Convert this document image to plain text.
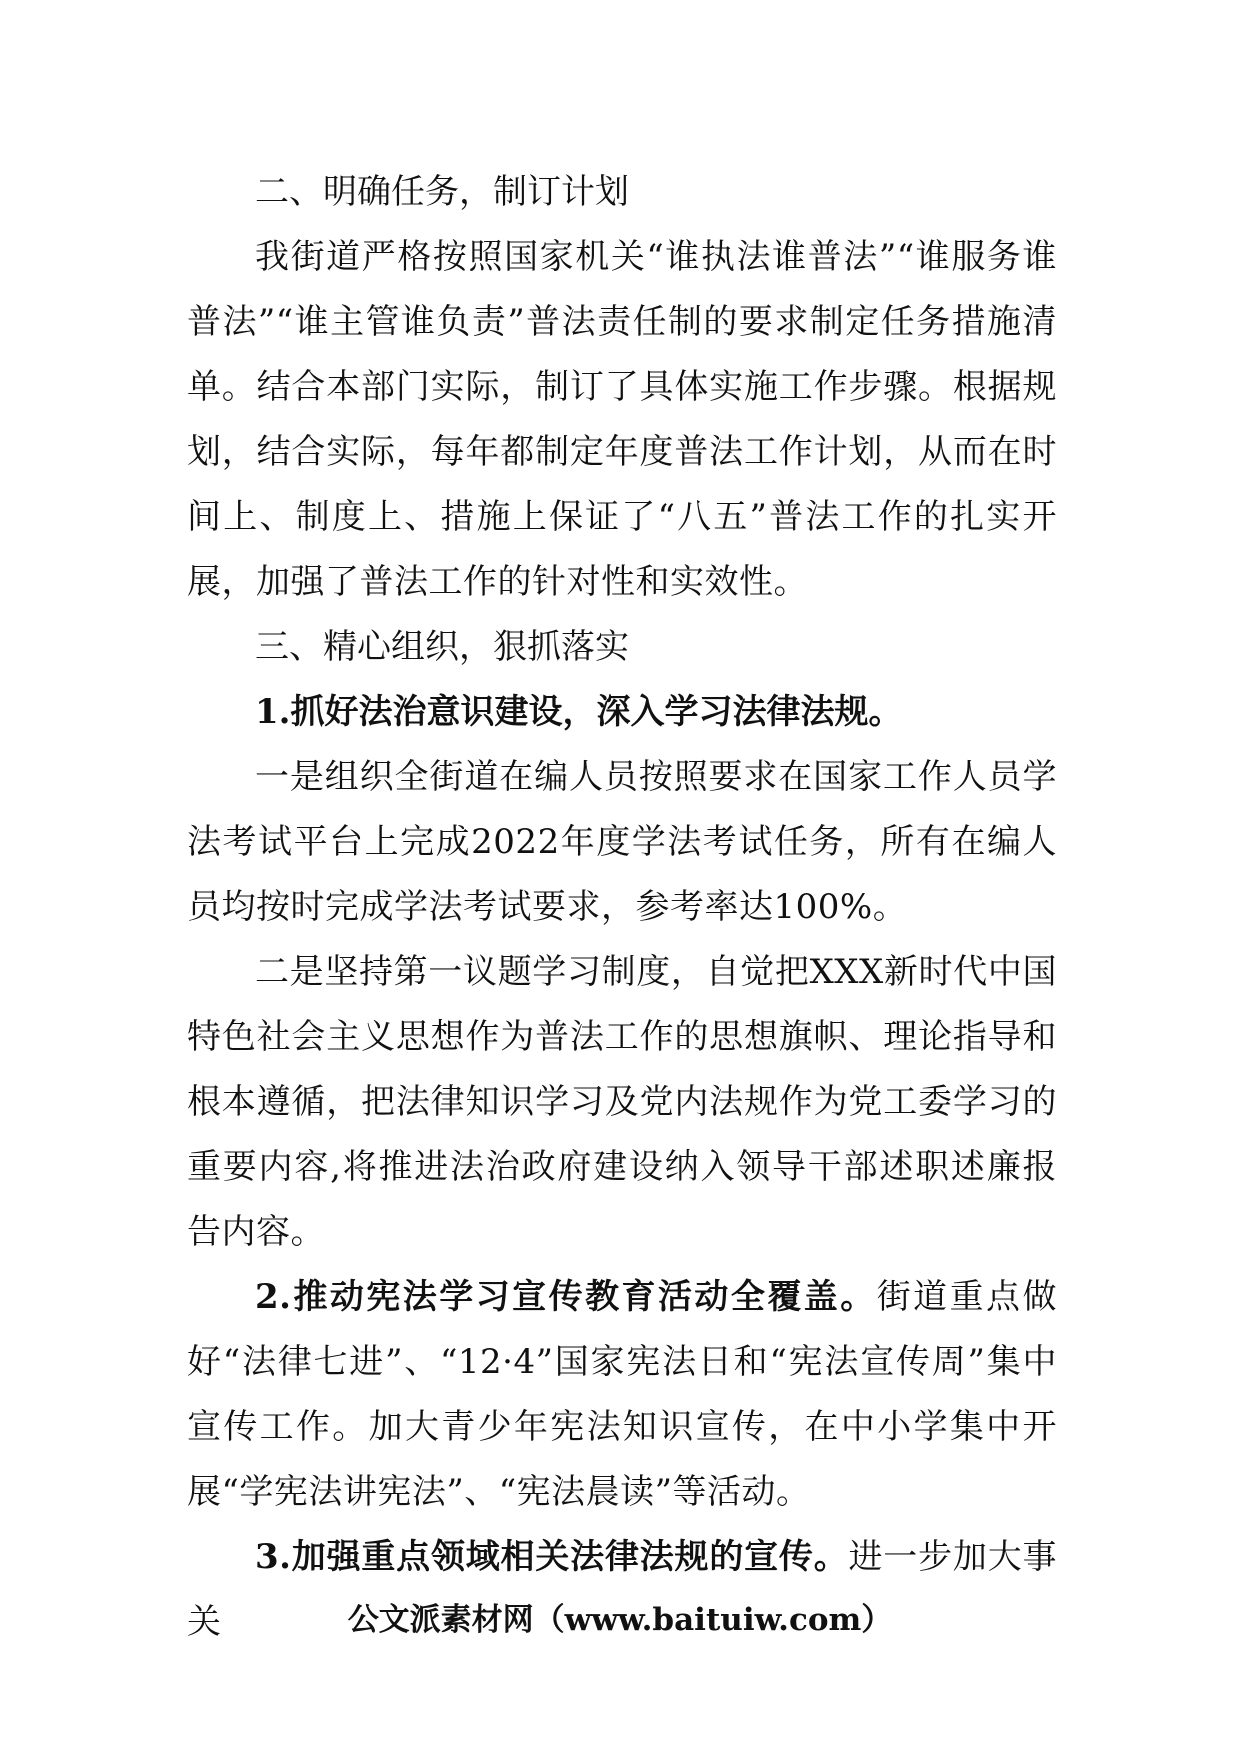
二、明确任务，制订计划

我街道严格按照国家机关“谁执法谁普法”“谁服务谁普法”“谁主管谁负责”普法责任制的要求制定任务措施清单。结合本部门实际，制订了具体实施工作步骤。根据规划，结合实际，每年都制定年度普法工作计划，从而在时间上、制度上、措施上保证了“八五”普法工作的扎实开展，加强了普法工作的针对性和实效性。

三、精心组织，狠抓落实

1.抓好法治意识建设，深入学习法律法规。

一是组织全街道在编人员按照要求在国家工作人员学法考试平台上完成2022年度学法考试任务，所有在编人员均按时完成学法考试要求，参考率达100%。

二是坚持第一议题学习制度，自觉把XXX新时代中国特色社会主义思想作为普法工作的思想旗帜、理论指导和根本遵循，把法律知识学习及党内法规作为党工委学习的重要内容,将推进法治政府建设纳入领导干部述职述廉报告内容。

2.推动宪法学习宣传教育活动全覆盖。街道重点做好“法律七进”、“12·4”国家宪法日和“宪法宣传周”集中宣传工作。加大青少年宪法知识宣传，在中小学集中开展“学宪法讲宪法”、“宪法晨读”等活动。

3.加强重点领域相关法律法规的宣传。进一步加大事关	公文派素材网（www.baituiw.com）
